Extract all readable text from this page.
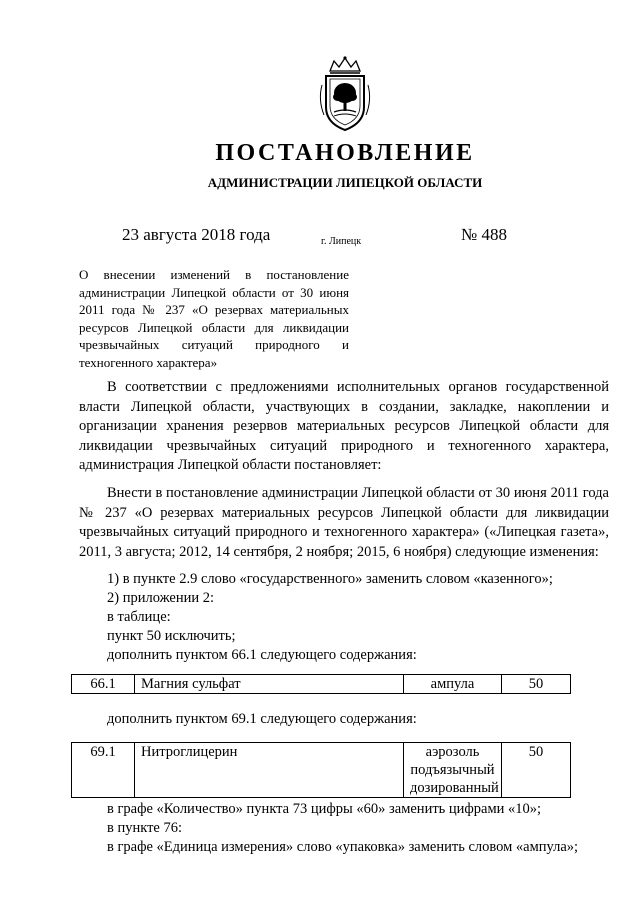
ПОСТАНОВЛЕНИЕ
АДМИНИСТРАЦИИ ЛИПЕЦКОЙ ОБЛАСТИ
23 августа 2018 года	г. Липецк	№ 488
О внесении изменений в постановление администрации Липецкой области от 30 июня 2011 года № 237 «О резервах материальных ресурсов Липецкой области для ликвидации чрезвычайных ситуаций природного и техногенного характера»

В соответствии с предложениями исполнительных органов государственной власти Липецкой области, участвующих в создании, закладке, накоплении и организации хранения резервов материальных ресурсов Липецкой области для ликвидации чрезвычайных ситуаций природного и техногенного характера, администрация Липецкой области постановляет:

Внести в постановление администрации Липецкой области от 30 июня 2011 года № 237 «О резервах материальных ресурсов Липецкой области для ликвидации чрезвычайных ситуаций природного и техногенного характера» («Липецкая газета», 2011, 3 августа; 2012, 14 сентября, 2 ноября; 2015, 6 ноября) следующие изменения:

1) в пункте 2.9 слово «государственного» заменить словом «казенного»;
2) приложении 2:
в таблице:
пункт 50 исключить;
дополнить пунктом 66.1 следующего содержания:
66.1	Магния сульфат	ампула	50
дополнить пунктом 69.1 следующего содержания:
69.1	Нитроглицерин	аэрозоль подъязычный дозированный	50
в графе «Количество» пункта 73 цифры «60» заменить цифрами «10»;
в пункте 76:
в графе «Единица измерения» слово «упаковка» заменить словом «ампула»;
